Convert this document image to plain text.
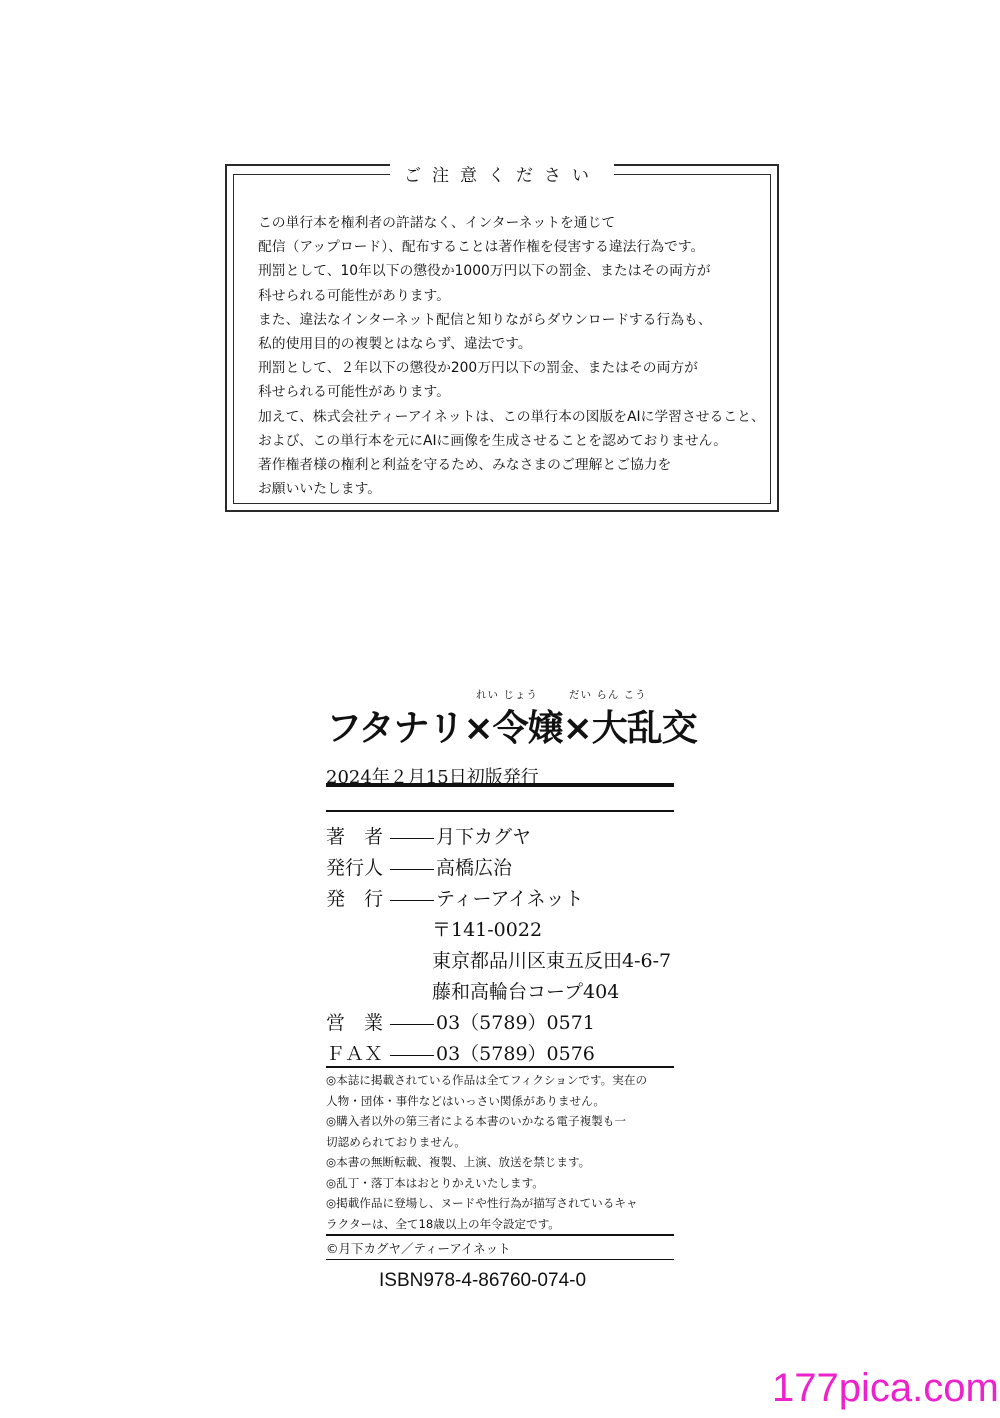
ご注意ください
この単行本を権利者の許諾なく、インターネットを通じて
配信（アップロード）、配布することは著作権を侵害する違法行為です。
刑罰として、10年以下の懲役か1000万円以下の罰金、またはその両方が
科せられる可能性があります。
また、違法なインターネット配信と知りながらダウンロードする行為も、
私的使用目的の複製とはならず、違法です。
刑罰として、２年以下の懲役か200万円以下の罰金、またはその両方が
科せられる可能性があります。
加えて、株式会社ティーアイネットは、この単行本の図版をAIに学習させること、
および、この単行本を元にAIに画像を生成させることを認めておりません。
著作権者様の権利と利益を守るため、みなさまのご理解とご協力を
お願いいたします。
れい じょう	だい らん こう
フタナリ×令嬢×大乱交
2024年２月15日初版発行
著　者	月下カグヤ
発行人	高橋広治
発　行	ティーアイネット
〒141-0022
東京都品川区東五反田4-6-7
藤和高輪台コープ404
営　業	03（5789）0571
ＦＡＸ	03（5789）0576
◎本誌に掲載されている作品は全てフィクションです。実在の
人物・団体・事件などはいっさい関係がありません。
◎購入者以外の第三者による本書のいかなる電子複製も一
切認められておりません。
◎本書の無断転載、複製、上演、放送を禁じます。
◎乱丁・落丁本はおとりかえいたします。
◎掲載作品に登場し、ヌードや性行為が描写されているキャ
ラクターは、全て18歳以上の年令設定です。
©月下カグヤ／ティーアイネット
ISBN978-4-86760-074-0
177pica.com
